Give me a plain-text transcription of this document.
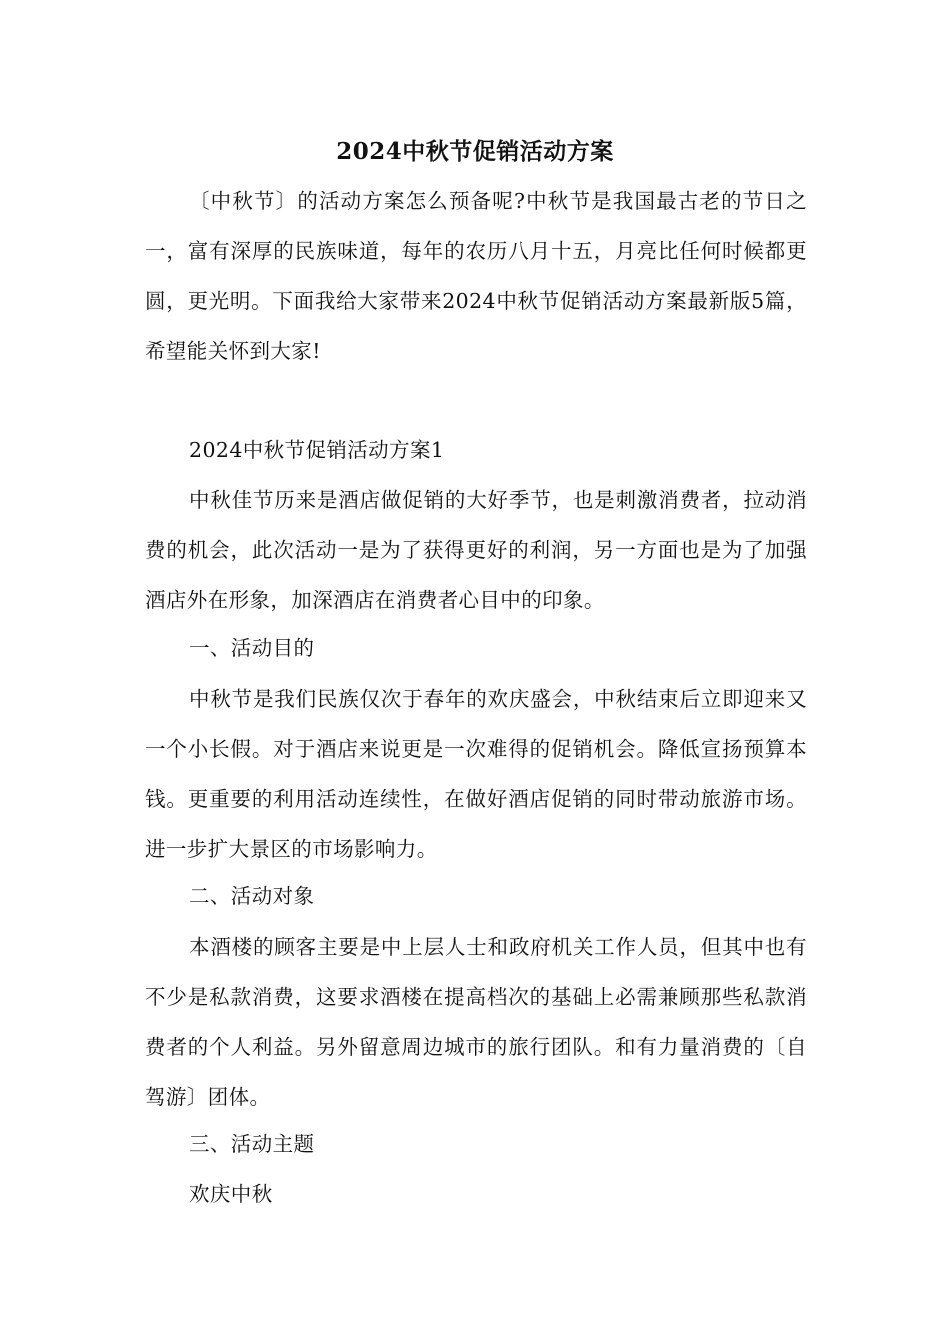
2024中秋节促销活动方案

〔中秋节〕的活动方案怎么预备呢?中秋节是我国最古老的节日之一，富有深厚的民族味道，每年的农历八月十五，月亮比任何时候都更圆，更光明。下面我给大家带来2024中秋节促销活动方案最新版5篇，希望能关怀到大家!

2024中秋节促销活动方案1

中秋佳节历来是酒店做促销的大好季节，也是刺激消费者，拉动消费的机会，此次活动一是为了获得更好的利润，另一方面也是为了加强酒店外在形象，加深酒店在消费者心目中的印象。

一、活动目的

中秋节是我们民族仅次于春年的欢庆盛会，中秋结束后立即迎来又一个小长假。对于酒店来说更是一次难得的促销机会。降低宣扬预算本钱。更重要的利用活动连续性，在做好酒店促销的同时带动旅游市场。进一步扩大景区的市场影响力。

二、活动对象

本酒楼的顾客主要是中上层人士和政府机关工作人员，但其中也有不少是私款消费，这要求酒楼在提高档次的基础上必需兼顾那些私款消费者的个人利益。另外留意周边城市的旅行团队。和有力量消费的〔自驾游〕团体。

三、活动主题
欢庆中秋
